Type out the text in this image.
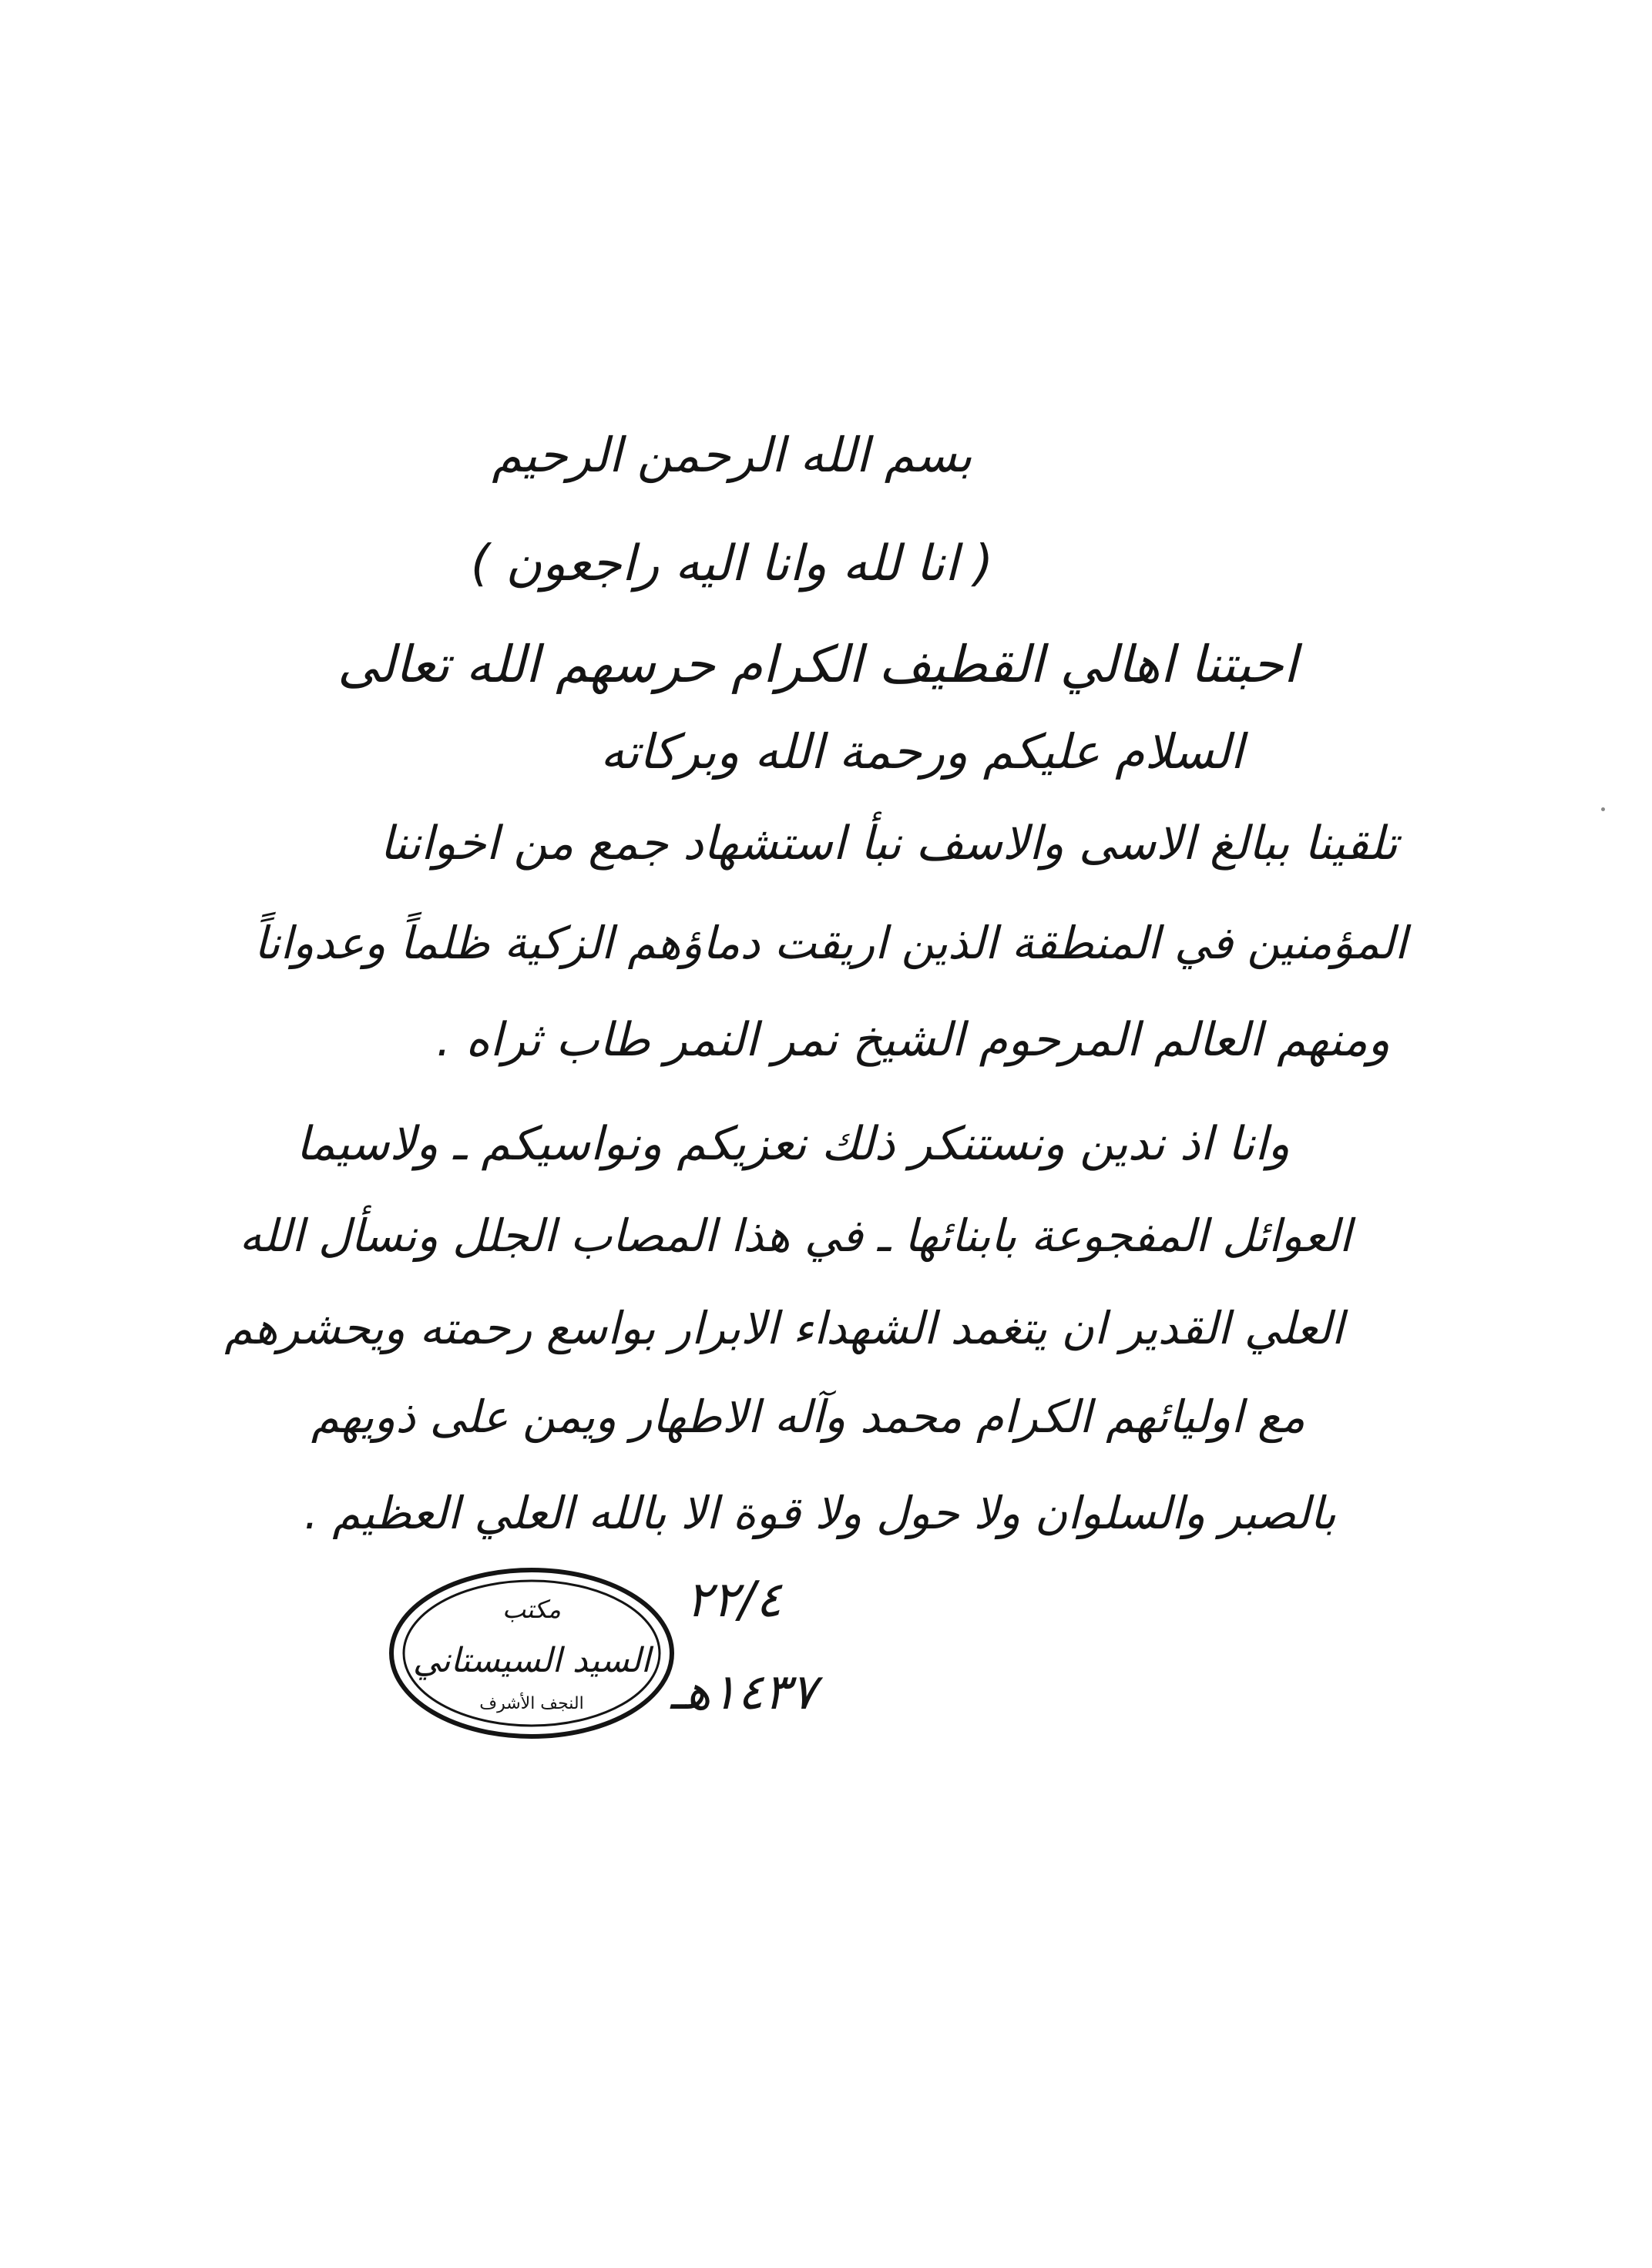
بسم الله الرحمن الرحيم
( انا لله وانا اليه راجعون )
احبتنا اهالي القطيف الكرام حرسهم الله تعالى
السلام عليكم ورحمة الله وبركاته
تلقينا ببالغ الاسى والاسف نبأ استشهاد جمع من اخواننا
المؤمنين في المنطقة الذين اريقت دماؤهم الزكية ظلماً وعدواناً
ومنهم العالم المرحوم الشيخ نمر النمر طاب ثراه .
وانا اذ ندين ونستنكر ذلك نعزيكم ونواسيكم ـ ولاسيما
العوائل المفجوعة بابنائها ـ في هذا المصاب الجلل ونسأل الله
العلي القدير ان يتغمد الشهداء الابرار بواسع رحمته ويحشرهم
مع اوليائهم الكرام محمد وآله الاطهار ويمن على ذويهم
بالصبر والسلوان ولا حول ولا قوة الا بالله العلي العظيم .
٢٢/٤
١٤٣٧هـ
مكتب
السيد السيستاني
النجف الأشرف
